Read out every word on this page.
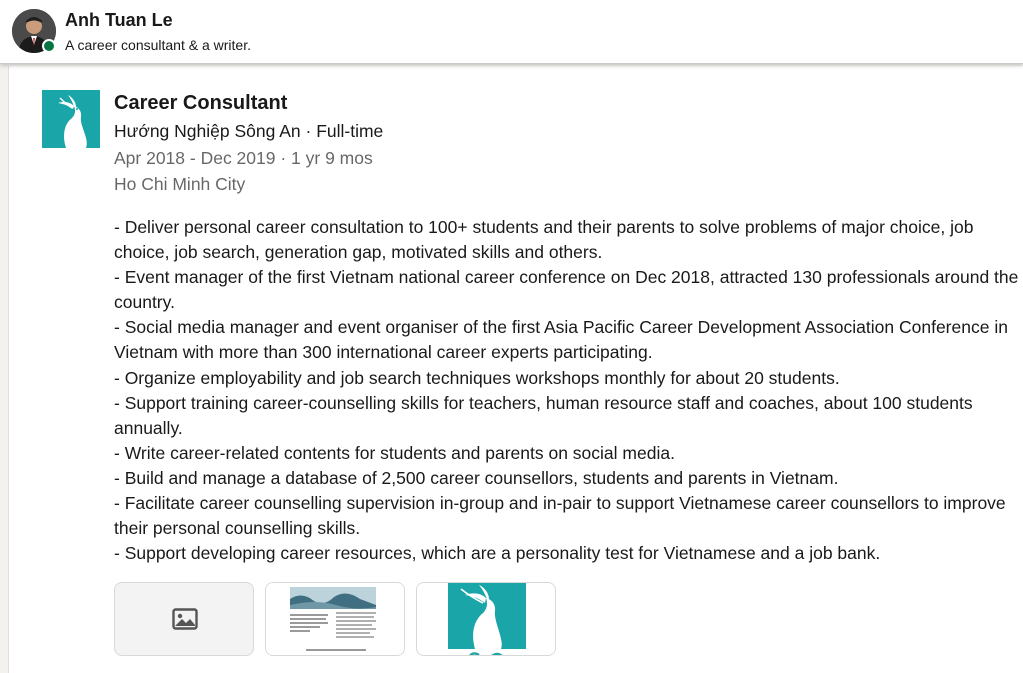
Anh Tuan Le
A career consultant & a writer.
Career Consultant
Hướng Nghiệp Sông An · Full-time
Apr 2018 - Dec 2019 · 1 yr 9 mos
Ho Chi Minh City

- Deliver personal career consultation to 100+ students and their parents to solve problems of major choice, job choice, job search, generation gap, motivated skills and others.

- Event manager of the first Vietnam national career conference on Dec 2018, attracted 130 professionals around the country.

- Social media manager and event organiser of the first Asia Pacific Career Development Association Conference in Vietnam with more than 300 international career experts participating.

- Organize employability and job search techniques workshops monthly for about 20 students.

- Support training career-counselling skills for teachers, human resource staff and coaches, about 100 students annually.

- Write career-related contents for students and parents on social media.

- Build and manage a database of 2,500 career counsellors, students and parents in Vietnam.

- Facilitate career counselling supervision in-group and in-pair to support Vietnamese career counsellors to improve their personal counselling skills.

- Support developing career resources, which are a personality test for Vietnamese and a job bank.
